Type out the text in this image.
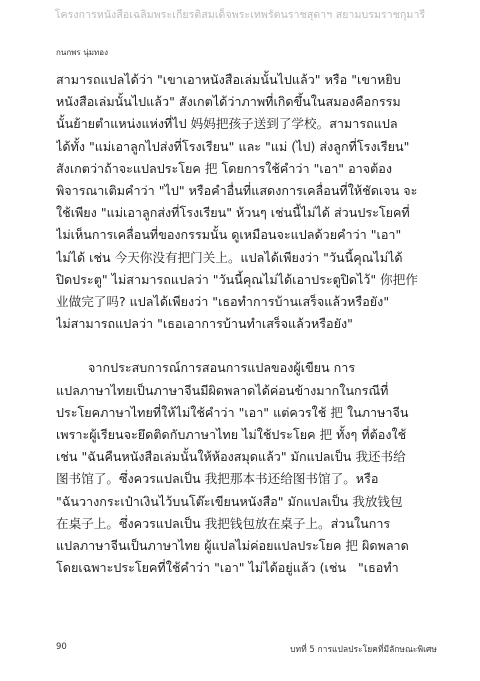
โครงการหนังสือเฉลิมพระเกียรติสมเด็จพระเทพรัตนราชสุดาฯ สยามบรมราชกุมารี
กนกพร นุ่มทอง

สามารถแปลได้ว่า "เขาเอาหนังสือเล่มนั้นไปแล้ว" หรือ "เขาหยิบ
หนังสือเล่มนั้นไปแล้ว" สังเกตได้ว่าภาพที่เกิดขึ้นในสมองคือกรรม
นั้นย้ายตำแหน่งแห่งที่ไป 妈妈把孩子送到了学校。สามารถแปล
ได้ทั้ง "แม่เอาลูกไปส่งที่โรงเรียน" และ "แม่ (ไป) ส่งลูกที่โรงเรียน"
สังเกตว่าถ้าจะแปลประโยค 把 โดยการใช้คำว่า "เอา" อาจต้อง
พิจารณาเติมคำว่า "ไป" หรือคำอื่นที่แสดงการเคลื่อนที่ให้ชัดเจน จะ
ใช้เพียง "แม่เอาลูกส่งที่โรงเรียน" ห้วนๆ เช่นนี้ไม่ได้ ส่วนประโยคที่
ไม่เห็นการเคลื่อนที่ของกรรมนั้น ดูเหมือนจะแปลด้วยคำว่า "เอา"
ไม่ได้ เช่น 今天你没有把门关上。แปลได้เพียงว่า "วันนี้คุณไม่ได้
ปิดประตู" ไม่สามารถแปลว่า "วันนี้คุณไม่ได้เอาประตูปิดไว้" 你把作
业做完了吗? แปลได้เพียงว่า "เธอทำการบ้านเสร็จแล้วหรือยัง"
ไม่สามารถแปลว่า "เธอเอาการบ้านทำเสร็จแล้วหรือยัง"

จากประสบการณ์การสอนการแปลของผู้เขียน การ
แปลภาษาไทยเป็นภาษาจีนมีผิดพลาดได้ค่อนข้างมากในกรณีที่
ประโยคภาษาไทยที่ให้ไม่ใช้คำว่า "เอา" แต่ควรใช้ 把 ในภาษาจีน
เพราะผู้เรียนจะยึดติดกับภาษาไทย ไม่ใช้ประโยค 把 ทั้งๆ ที่ต้องใช้
เช่น "ฉันคืนหนังสือเล่มนั้นให้ห้องสมุดแล้ว" มักแปลเป็น 我还书给
图书馆了。ซึ่งควรแปลเป็น 我把那本书还给图书馆了。หรือ
"ฉันวางกระเป๋าเงินไว้บนโต๊ะเขียนหนังสือ" มักแปลเป็น 我放钱包
在桌子上。ซึ่งควรแปลเป็น 我把钱包放在桌子上。ส่วนในการ
แปลภาษาจีนเป็นภาษาไทย ผู้แปลไม่ค่อยแปลประโยค 把 ผิดพลาด
โดยเฉพาะประโยคที่ใช้คำว่า "เอา" ไม่ได้อยู่แล้ว (เช่น   "เธอทำ

90	บทที่ 5 การแปลประโยคที่มีลักษณะพิเศษ
